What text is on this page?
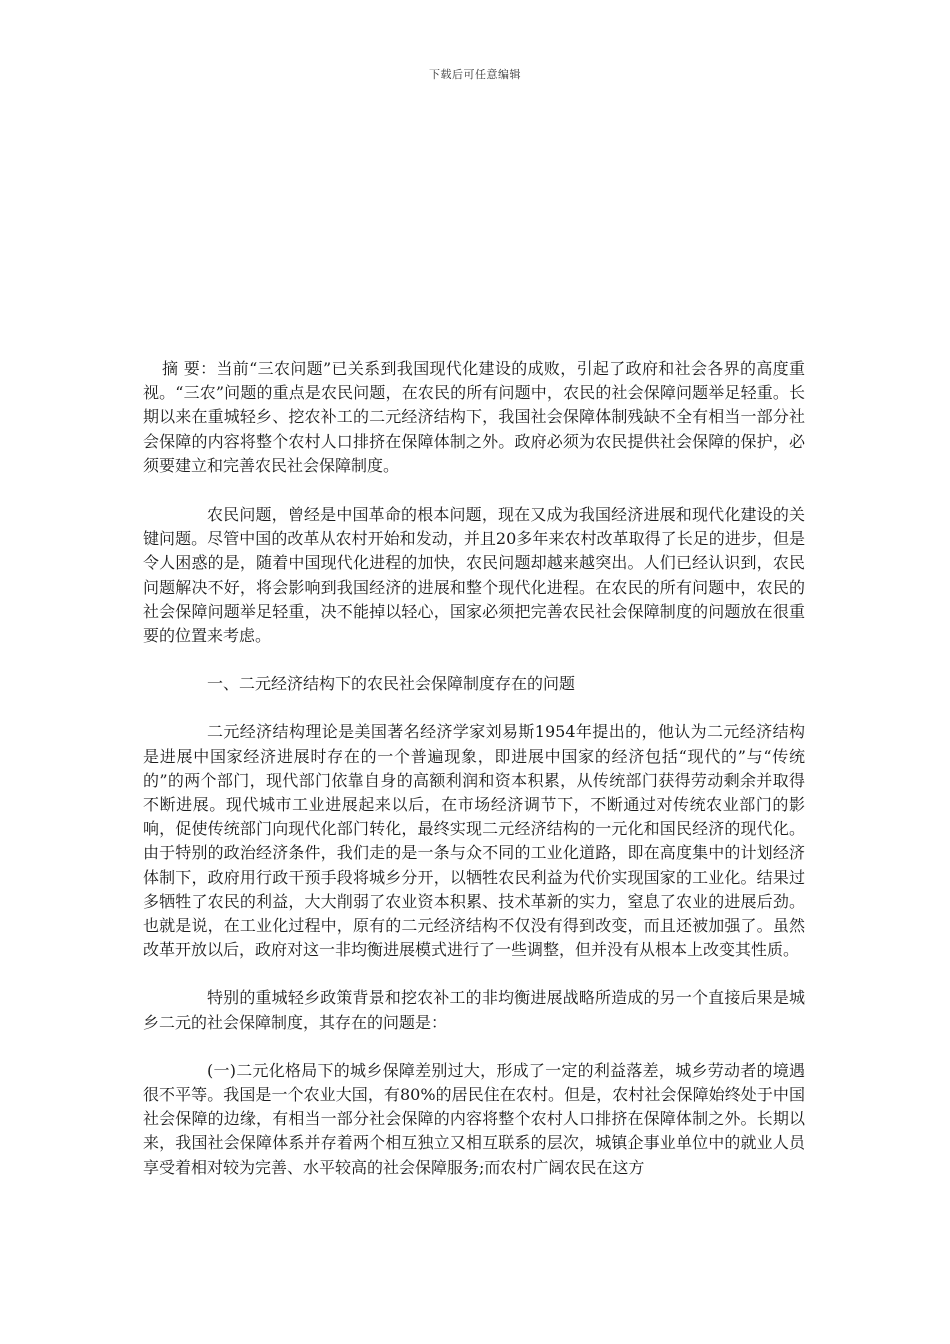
下载后可任意编辑

摘 要：当前“三农问题”已关系到我国现代化建设的成败，引起了政府和社会各界的高度重视。“三农”问题的重点是农民问题，在农民的所有问题中，农民的社会保障问题举足轻重。长期以来在重城轻乡、挖农补工的二元经济结构下，我国社会保障体制残缺不全有相当一部分社会保障的内容将整个农村人口排挤在保障体制之外。政府必须为农民提供社会保障的保护，必须要建立和完善农民社会保障制度。

农民问题，曾经是中国革命的根本问题，现在又成为我国经济进展和现代化建设的关键问题。尽管中国的改革从农村开始和发动，并且20多年来农村改革取得了长足的进步，但是令人困惑的是，随着中国现代化进程的加快，农民问题却越来越突出。人们已经认识到，农民问题解决不好，将会影响到我国经济的进展和整个现代化进程。在农民的所有问题中，农民的社会保障问题举足轻重，决不能掉以轻心，国家必须把完善农民社会保障制度的问题放在很重要的位置来考虑。

一、二元经济结构下的农民社会保障制度存在的问题

二元经济结构理论是美国著名经济学家刘易斯1954年提出的，他认为二元经济结构是进展中国家经济进展时存在的一个普遍现象，即进展中国家的经济包括“现代的”与“传统的”的两个部门，现代部门依靠自身的高额利润和资本积累，从传统部门获得劳动剩余并取得不断进展。现代城市工业进展起来以后，在市场经济调节下，不断通过对传统农业部门的影响，促使传统部门向现代化部门转化，最终实现二元经济结构的一元化和国民经济的现代化。由于特别的政治经济条件，我们走的是一条与众不同的工业化道路，即在高度集中的计划经济体制下，政府用行政干预手段将城乡分开，以牺牲农民利益为代价实现国家的工业化。结果过多牺牲了农民的利益，大大削弱了农业资本积累、技术革新的实力，窒息了农业的进展后劲。也就是说，在工业化过程中，原有的二元经济结构不仅没有得到改变，而且还被加强了。虽然改革开放以后，政府对这一非均衡进展模式进行了一些调整，但并没有从根本上改变其性质。

特别的重城轻乡政策背景和挖农补工的非均衡进展战略所造成的另一个直接后果是城乡二元的社会保障制度，其存在的问题是：

(一)二元化格局下的城乡保障差别过大，形成了一定的利益落差，城乡劳动者的境遇很不平等。我国是一个农业大国，有80%的居民住在农村。但是，农村社会保障始终处于中国社会保障的边缘，有相当一部分社会保障的内容将整个农村人口排挤在保障体制之外。长期以来，我国社会保障体系并存着两个相互独立又相互联系的层次，城镇企事业单位中的就业人员享受着相对较为完善、水平较高的社会保障服务;而农村广阔农民在这方
